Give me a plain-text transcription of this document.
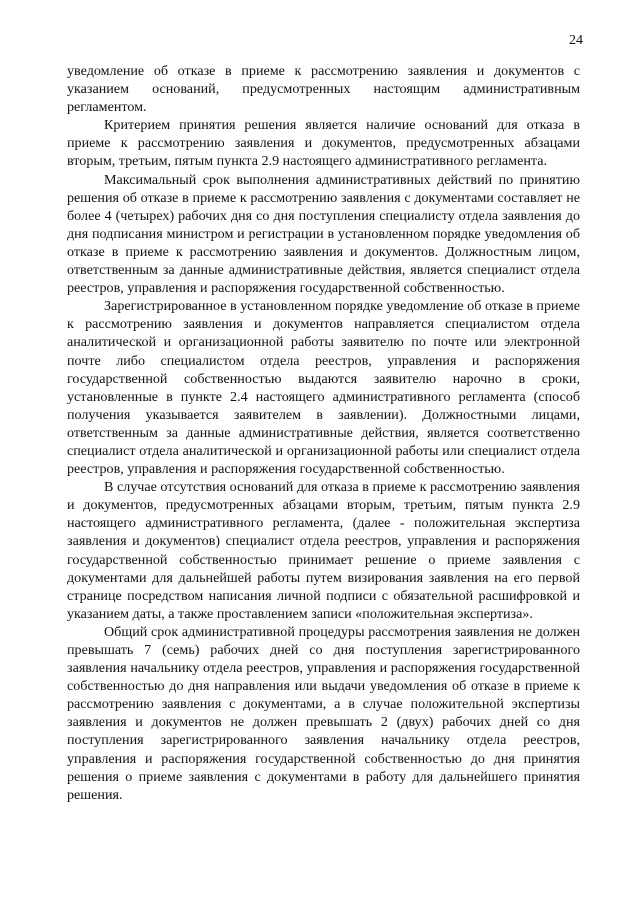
24

уведомление об отказе в приеме к рассмотрению заявления и документов с указанием оснований, предусмотренных настоящим административным регламентом.

Критерием принятия решения является наличие оснований для отказа в приеме к рассмотрению заявления и документов, предусмотренных абзацами вторым, третьим, пятым пункта 2.9 настоящего административного регламента.

Максимальный срок выполнения административных действий по принятию решения об отказе в приеме к рассмотрению заявления с документами составляет не более 4 (четырех) рабочих дня со дня поступления специалисту отдела заявления до дня подписания министром и регистрации в установленном порядке уведомления об отказе в приеме к рассмотрению заявления и документов. Должностным лицом, ответственным за данные административные действия, является специалист отдела реестров, управления и распоряжения государственной собственностью.

Зарегистрированное в установленном порядке уведомление об отказе в приеме к рассмотрению заявления и документов направляется специалистом отдела аналитической и организационной работы заявителю по почте или электронной почте либо специалистом отдела реестров, управления и распоряжения государственной собственностью выдаются заявителю нарочно в сроки, установленные в пункте 2.4 настоящего административного регламента (способ получения указывается заявителем в заявлении). Должностными лицами, ответственным за данные административные действия, является соответственно специалист отдела аналитической и организационной работы или специалист отдела реестров, управления и распоряжения государственной собственностью.

В случае отсутствия оснований для отказа в приеме к рассмотрению заявления и документов, предусмотренных абзацами вторым, третьим, пятым пункта 2.9 настоящего административного регламента, (далее - положительная экспертиза заявления и документов) специалист отдела реестров, управления и распоряжения государственной собственностью принимает решение о приеме заявления с документами для дальнейшей работы путем визирования заявления на его первой странице посредством написания личной подписи с обязательной расшифровкой и указанием даты, а также проставлением записи «положительная экспертиза».

Общий срок административной процедуры рассмотрения заявления не должен превышать 7 (семь) рабочих дней со дня поступления зарегистрированного заявления начальнику отдела реестров, управления и распоряжения государственной собственностью до дня направления или выдачи уведомления об отказе в приеме к рассмотрению заявления с документами, а в случае положительной экспертизы заявления и документов не должен превышать 2 (двух) рабочих дней со дня поступления зарегистрированного заявления начальнику отдела реестров, управления и распоряжения государственной собственностью до дня принятия решения о приеме заявления с документами в работу для дальнейшего принятия решения.
